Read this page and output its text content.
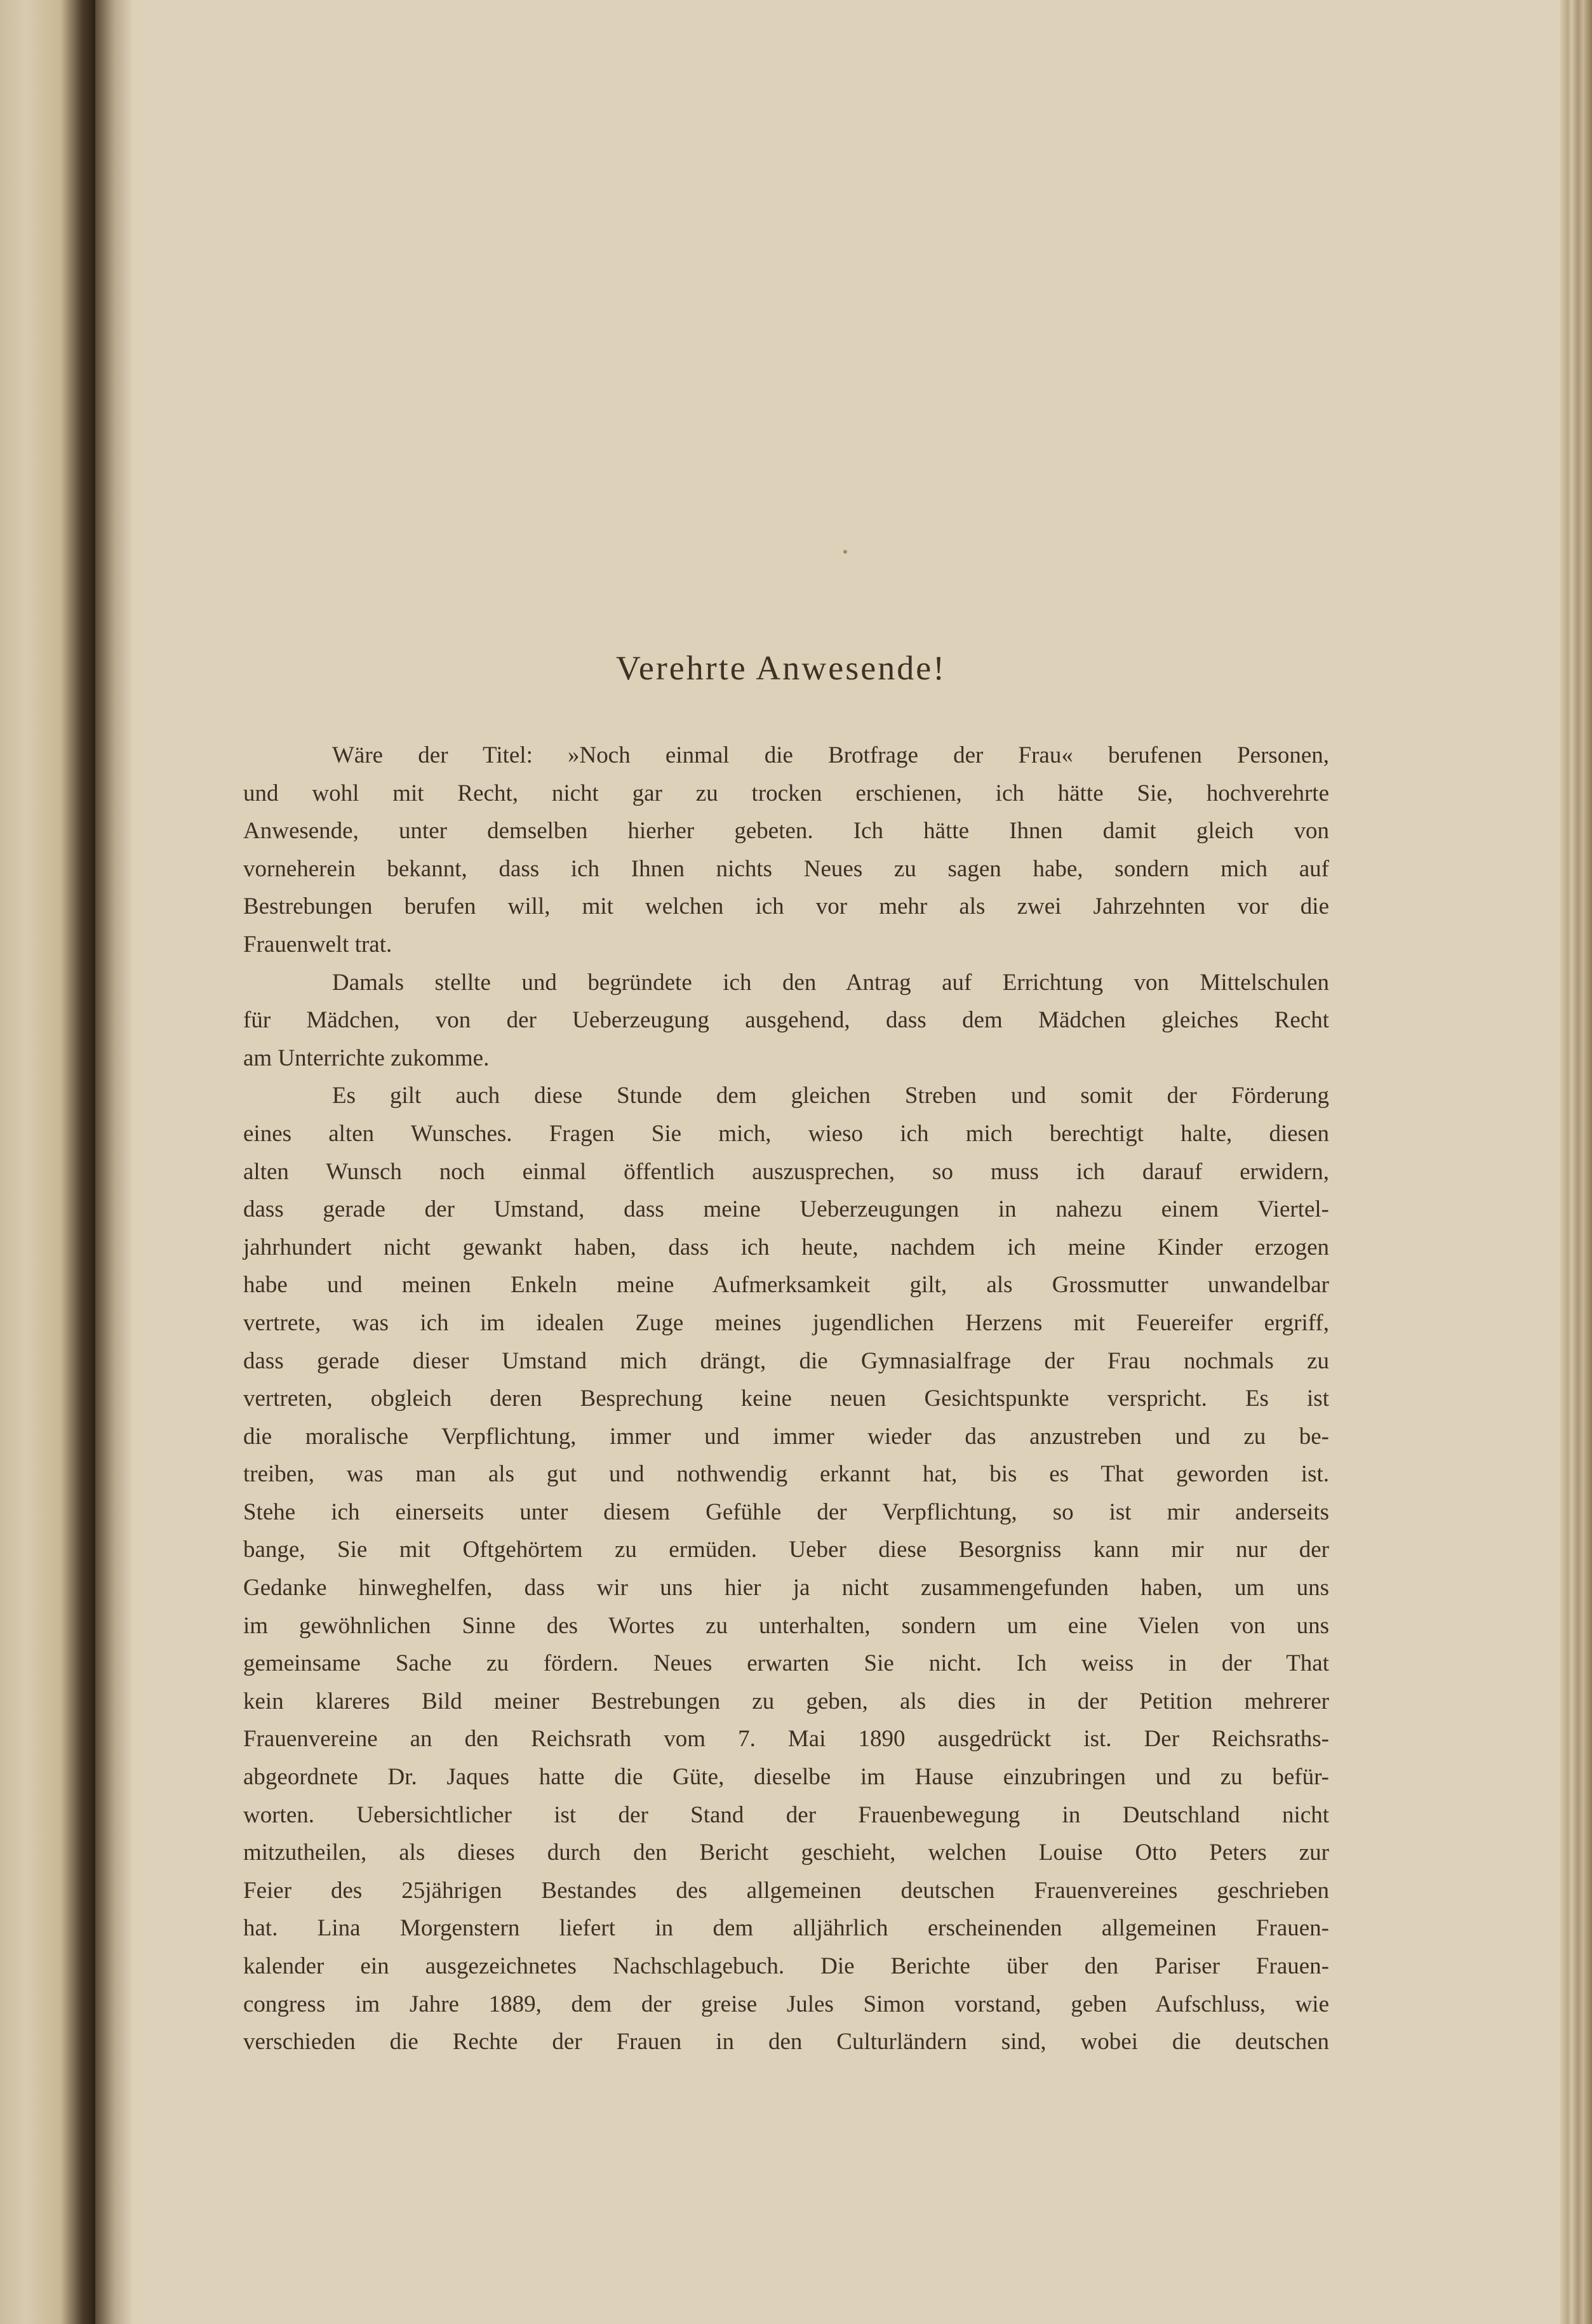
Verehrte Anwesende!

Wäre der Titel: »Noch einmal die Brotfrage der Frau« berufenen Personen,
und wohl mit Recht, nicht gar zu trocken erschienen, ich hätte Sie, hochverehrte
Anwesende, unter demselben hierher gebeten. Ich hätte Ihnen damit gleich von
vorneherein bekannt, dass ich Ihnen nichts Neues zu sagen habe, sondern mich auf
Bestrebungen berufen will, mit welchen ich vor mehr als zwei Jahrzehnten vor die
Frauenwelt trat.

Damals stellte und begründete ich den Antrag auf Errichtung von Mittelschulen
für Mädchen, von der Ueberzeugung ausgehend, dass dem Mädchen gleiches Recht
am Unterrichte zukomme.

Es gilt auch diese Stunde dem gleichen Streben und somit der Förderung
eines alten Wunsches. Fragen Sie mich, wieso ich mich berechtigt halte, diesen
alten Wunsch noch einmal öffentlich auszusprechen, so muss ich darauf erwidern,
dass gerade der Umstand, dass meine Ueberzeugungen in nahezu einem Viertel-
jahrhundert nicht gewankt haben, dass ich heute, nachdem ich meine Kinder erzogen
habe und meinen Enkeln meine Aufmerksamkeit gilt, als Grossmutter unwandelbar
vertrete, was ich im idealen Zuge meines jugendlichen Herzens mit Feuereifer ergriff,
dass gerade dieser Umstand mich drängt, die Gymnasialfrage der Frau nochmals zu
vertreten, obgleich deren Besprechung keine neuen Gesichtspunkte verspricht. Es ist
die moralische Verpflichtung, immer und immer wieder das anzustreben und zu be-
treiben, was man als gut und nothwendig erkannt hat, bis es That geworden ist.
Stehe ich einerseits unter diesem Gefühle der Verpflichtung, so ist mir anderseits
bange, Sie mit Oftgehörtem zu ermüden. Ueber diese Besorgniss kann mir nur der
Gedanke hinweghelfen, dass wir uns hier ja nicht zusammengefunden haben, um uns
im gewöhnlichen Sinne des Wortes zu unterhalten, sondern um eine Vielen von uns
gemeinsame Sache zu fördern. Neues erwarten Sie nicht. Ich weiss in der That
kein klareres Bild meiner Bestrebungen zu geben, als dies in der Petition mehrerer
Frauenvereine an den Reichsrath vom 7. Mai 1890 ausgedrückt ist. Der Reichsraths-
abgeordnete Dr. Jaques hatte die Güte, dieselbe im Hause einzubringen und zu befür-
worten. Uebersichtlicher ist der Stand der Frauenbewegung in Deutschland nicht
mitzutheilen, als dieses durch den Bericht geschieht, welchen Louise Otto Peters zur
Feier des 25jährigen Bestandes des allgemeinen deutschen Frauenvereines geschrieben
hat. Lina Morgenstern liefert in dem alljährlich erscheinenden allgemeinen Frauen-
kalender ein ausgezeichnetes Nachschlagebuch. Die Berichte über den Pariser Frauen-
congress im Jahre 1889, dem der greise Jules Simon vorstand, geben Aufschluss, wie
verschieden die Rechte der Frauen in den Culturländern sind, wobei die deutschen
